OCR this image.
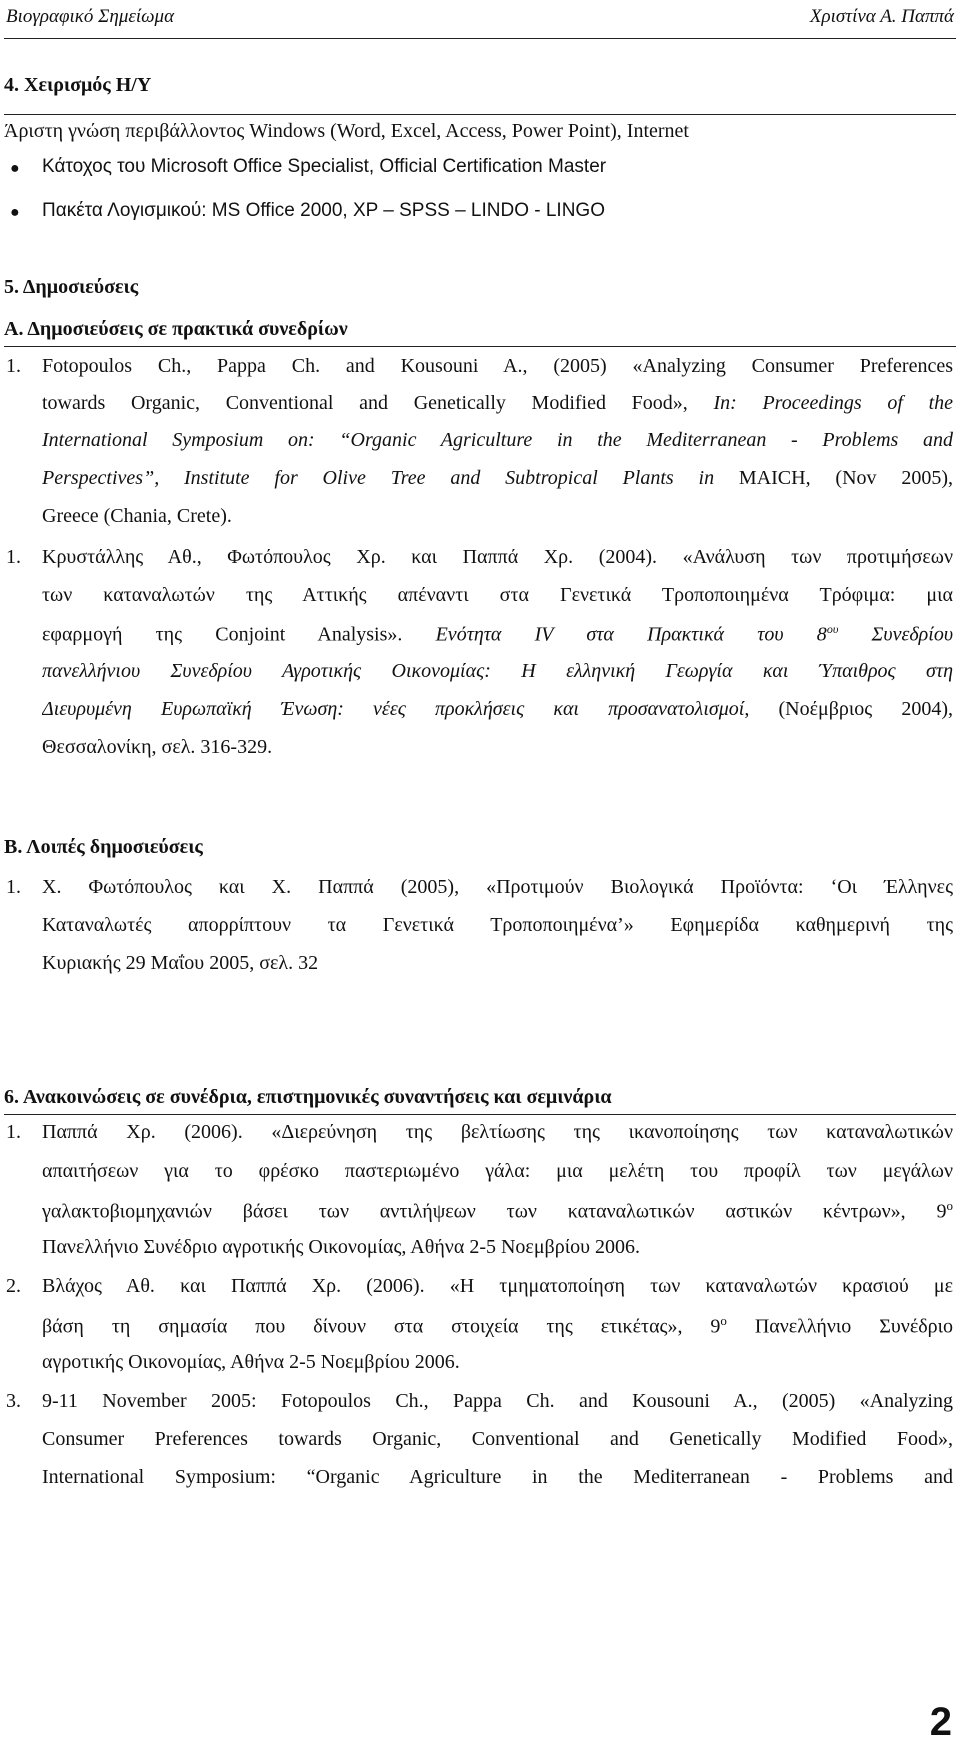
Βιογραφικό Σημείωμα	Χριστίνα Α. Παππά
4. Χειρισμός Η/Υ
Άριστη γνώση περιβάλλοντος Windows (Word, Excel, Access, Power Point), Internet
● Κάτοχος του Microsoft Office Specialist, Official Certification Master
● Πακέτα Λογισμικού: MS Office 2000, XP – SPSS – LINDO - LINGO
5. Δημοσιεύσεις
Α. Δημοσιεύσεις σε πρακτικά συνεδρίων
1. Fotopoulos Ch., Pappa Ch. and Kousouni A., (2005) «Analyzing Consumer Preferences
towards Organic, Conventional and Genetically Modified Food», In: Proceedings of the
International Symposium on: “Organic Agriculture in the Mediterranean - Problems and
Perspectives”, Institute for Olive Tree and Subtropical Plants in MAICH, (Nov 2005),
Greece (Chania, Crete).
1. Κρυστάλλης Αθ., Φωτόπουλος Χρ. και Παππά Χρ. (2004). «Ανάλυση των προτιμήσεων
των καταναλωτών της Αττικής απέναντι στα Γενετικά Τροποποιημένα Τρόφιμα: μια
εφαρμογή της Conjoint Analysis». Ενότητα IV στα Πρακτικά του $8^{o\upsilon}$ Συνεδρίου
πανελλήνιου Συνεδρίου Αγροτικής Οικονομίας: Η ελληνική Γεωργία και Ύπαιθρος στη
Διευρυμένη Ευρωπαϊκή Ένωση: νέες προκλήσεις και προσανατολισμοί, (Νοέμβριος 2004),
Θεσσαλονίκη, σελ. 316-329.
Β. Λοιπές δημοσιεύσεις
1. Χ. Φωτόπουλος και Χ. Παππά (2005), «Προτιμούν Βιολογικά Προϊόντα: ‘Οι Έλληνες
Καταναλωτές απορρίπτουν τα Γενετικά Τροποποιημένα’» Εφημερίδα καθημερινή της
Κυριακής 29 Μαΐου 2005, σελ. 32
6. Ανακοινώσεις σε συνέδρια, επιστημονικές συναντήσεις και σεμινάρια
1. Παππά Χρ. (2006). «Διερεύνηση της βελτίωσης της ικανοποίησης των καταναλωτικών
απαιτήσεων για το φρέσκο παστεριωμένο γάλα: μια μελέτη του προφίλ των μεγάλων
γαλακτοβιομηχανιών βάσει των αντιλήψεων των καταναλωτικών αστικών κέντρων», $9^o$
Πανελλήνιο Συνέδριο αγροτικής Οικονομίας, Αθήνα 2-5 Νοεμβρίου 2006.
2. Βλάχος Αθ. και Παππά Χρ. (2006). «Η τμηματοποίηση των καταναλωτών κρασιού με
βάση τη σημασία που δίνουν στα στοιχεία της ετικέτας», $9^o$ Πανελλήνιο Συνέδριο
αγροτικής Οικονομίας, Αθήνα 2-5 Νοεμβρίου 2006.
3. 9-11 November 2005: Fotopoulos Ch., Pappa Ch. and Kousouni A., (2005) «Analyzing
Consumer Preferences towards Organic, Conventional and Genetically Modified Food»,
International Symposium: “Organic Agriculture in the Mediterranean - Problems and
2
